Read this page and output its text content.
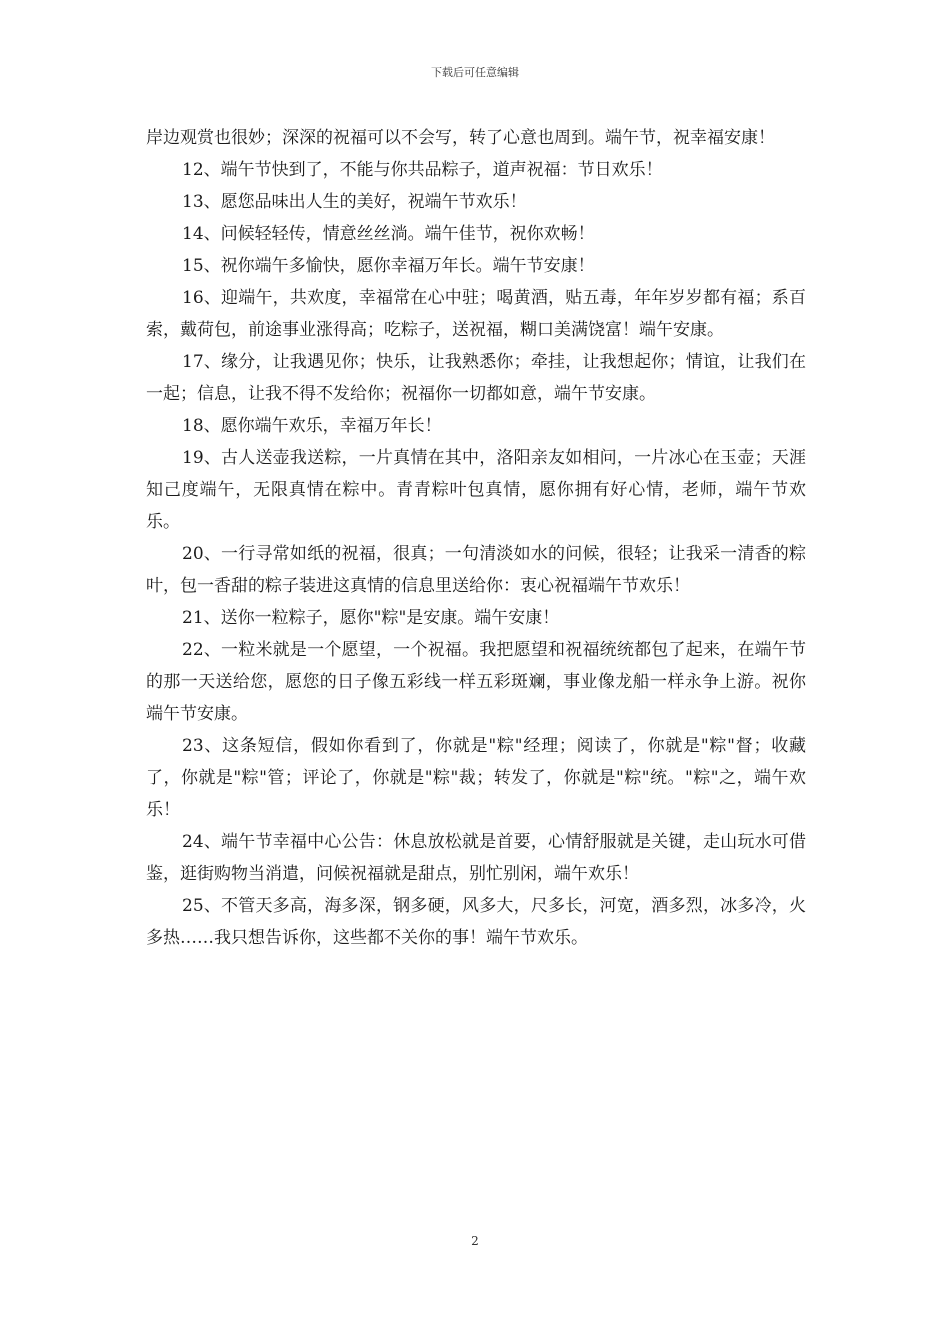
下载后可任意编辑

岸边观赏也很妙；深深的祝福可以不会写，转了心意也周到。端午节，祝幸福安康！

12、端午节快到了，不能与你共品粽子，道声祝福：节日欢乐！

13、愿您品味出人生的美好，祝端午节欢乐！

14、问候轻轻传，情意丝丝淌。端午佳节，祝你欢畅！

15、祝你端午多愉快，愿你幸福万年长。端午节安康！

16、迎端午，共欢度，幸福常在心中驻；喝黄酒，贴五毒，年年岁岁都有福；系百索，戴荷包，前途事业涨得高；吃粽子，送祝福，糊口美满饶富！端午安康。

17、缘分，让我遇见你；快乐，让我熟悉你；牵挂，让我想起你；情谊，让我们在一起；信息，让我不得不发给你；祝福你一切都如意，端午节安康。

18、愿你端午欢乐，幸福万年长！

19、古人送壶我送粽，一片真情在其中，洛阳亲友如相问，一片冰心在玉壶；天涯知己度端午，无限真情在粽中。青青粽叶包真情，愿你拥有好心情，老师，端午节欢乐。

20、一行寻常如纸的祝福，很真；一句清淡如水的问候，很轻；让我采一清香的粽叶，包一香甜的粽子装进这真情的信息里送给你：衷心祝福端午节欢乐！

21、送你一粒粽子，愿你"粽"是安康。端午安康！

22、一粒米就是一个愿望，一个祝福。我把愿望和祝福统统都包了起来，在端午节的那一天送给您，愿您的日子像五彩线一样五彩斑斓，事业像龙船一样永争上游。祝你端午节安康。

23、这条短信，假如你看到了，你就是"粽"经理；阅读了，你就是"粽"督；收藏了，你就是"粽"管；评论了，你就是"粽"裁；转发了，你就是"粽"统。"粽"之，端午欢乐！

24、端午节幸福中心公告：休息放松就是首要，心情舒服就是关键，走山玩水可借鉴，逛街购物当消遣，问候祝福就是甜点，别忙别闲，端午欢乐！

25、不管天多高，海多深，钢多硬，风多大，尺多长，河宽，酒多烈，冰多冷，火多热……我只想告诉你，这些都不关你的事！端午节欢乐。

2
